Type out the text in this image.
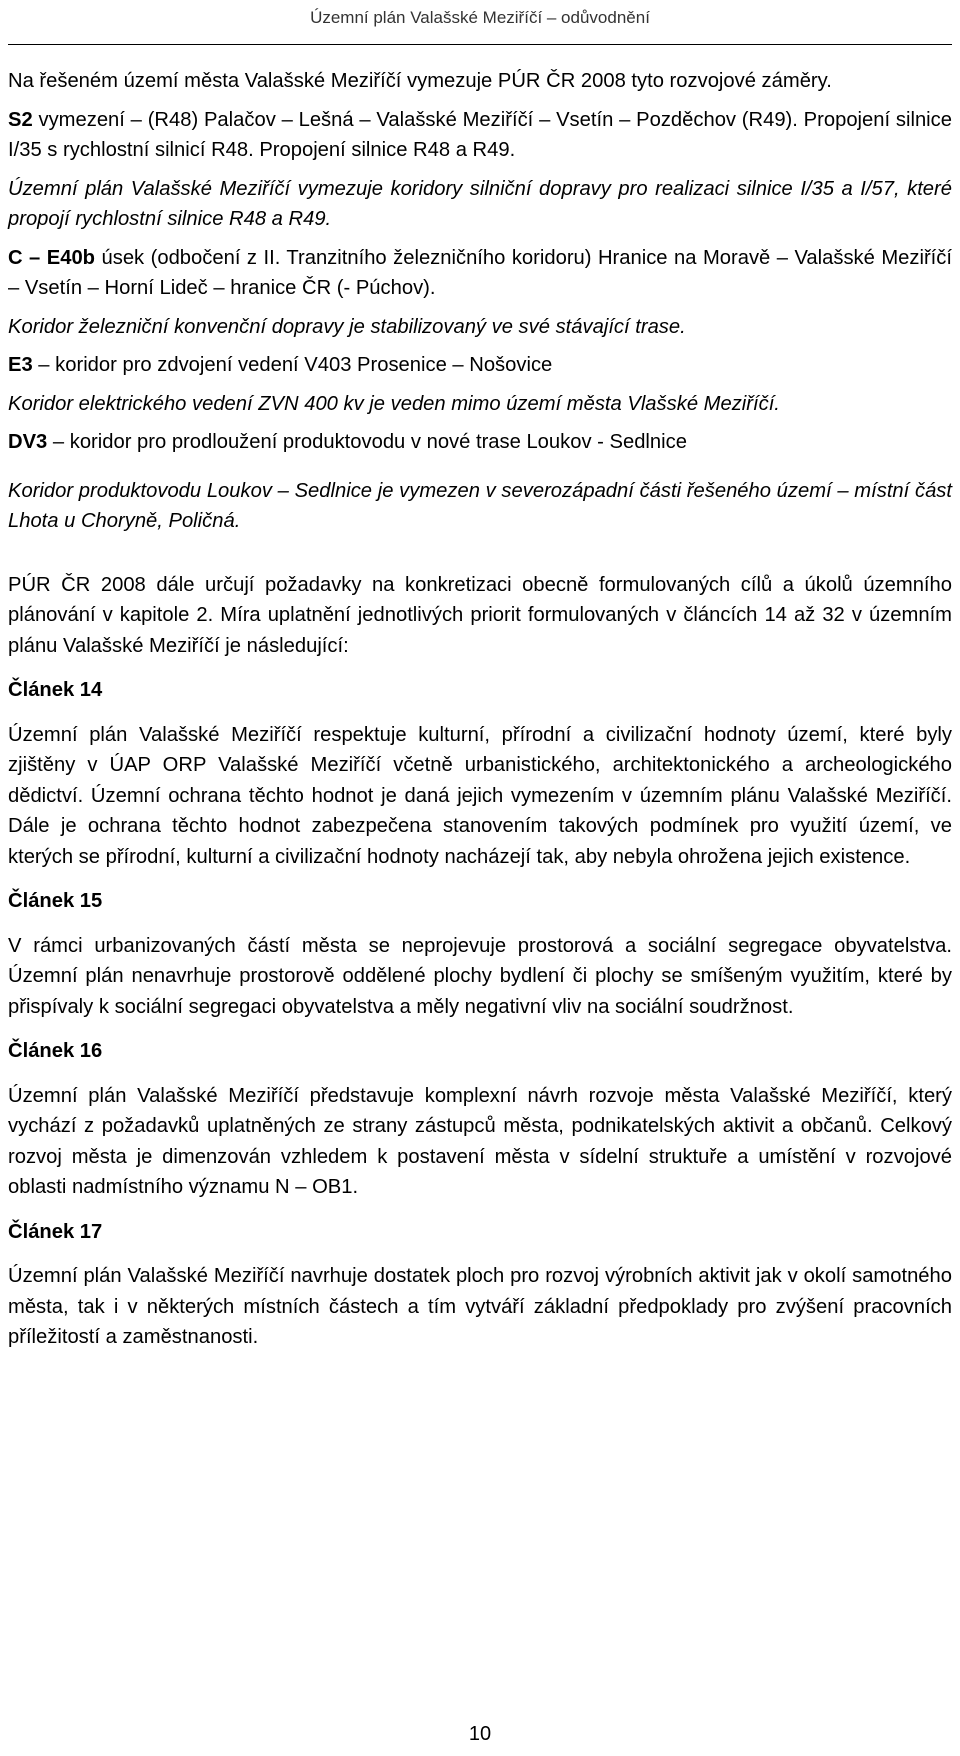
Územní plán Valašské Meziříčí – odůvodnění

Na řešeném území města Valašské Meziříčí vymezuje PÚR ČR 2008 tyto rozvojové záměry.

S2 vymezení – (R48) Palačov – Lešná – Valašské Meziříčí – Vsetín – Pozděchov (R49). Propojení silnice I/35 s rychlostní silnicí R48. Propojení silnice R48 a R49.

Územní plán Valašské Meziříčí vymezuje koridory silniční dopravy pro realizaci silnice I/35 a I/57, které propojí rychlostní silnice R48 a R49.

C – E40b úsek (odbočení z II. Tranzitního železničního koridoru) Hranice na Moravě – Valašské Meziříčí – Vsetín – Horní Lideč – hranice ČR (- Púchov).

Koridor železniční konvenční dopravy je stabilizovaný ve své stávající trase.

E3 – koridor pro zdvojení vedení V403 Prosenice – Nošovice

Koridor elektrického vedení ZVN 400 kv je veden mimo území města Vlašské Meziříčí.

DV3 – koridor pro prodloužení produktovodu v nové trase Loukov - Sedlnice

Koridor produktovodu Loukov – Sedlnice je vymezen v severozápadní části řešeného území – místní část Lhota u Choryně, Poličná.

PÚR ČR 2008 dále určují požadavky na konkretizaci obecně formulovaných cílů a úkolů územního plánování v kapitole 2. Míra uplatnění jednotlivých priorit formulovaných v článcích 14 až 32 v územním plánu Valašské Meziříčí je následující:

Článek 14

Územní plán Valašské Meziříčí respektuje kulturní, přírodní a civilizační hodnoty území, které byly zjištěny v ÚAP ORP Valašské Meziříčí včetně urbanistického, architektonického a archeologického dědictví. Územní ochrana těchto hodnot je daná jejich vymezením v územním plánu Valašské Meziříčí. Dále je ochrana těchto hodnot zabezpečena stanovením takových podmínek pro využití území, ve kterých se přírodní, kulturní a civilizační hodnoty nacházejí tak, aby nebyla ohrožena jejich existence.

Článek 15

V rámci urbanizovaných částí města se neprojevuje prostorová a sociální segregace obyvatelstva. Územní plán nenavrhuje prostorově oddělené plochy bydlení či plochy se smíšeným využitím, které by přispívaly k sociální segregaci obyvatelstva a měly negativní vliv na sociální soudržnost.

Článek 16

Územní plán Valašské Meziříčí představuje komplexní návrh rozvoje města Valašské Meziříčí, který vychází z požadavků uplatněných ze strany zástupců města, podnikatelských aktivit a občanů. Celkový rozvoj města je dimenzován vzhledem k postavení města v sídelní struktuře a umístění v rozvojové oblasti nadmístního významu N – OB1.

Článek 17

Územní plán Valašské Meziříčí navrhuje dostatek ploch pro rozvoj výrobních aktivit jak v okolí samotného města, tak i v některých místních částech a tím vytváří základní předpoklady pro zvýšení pracovních příležitostí a zaměstnanosti.

10
